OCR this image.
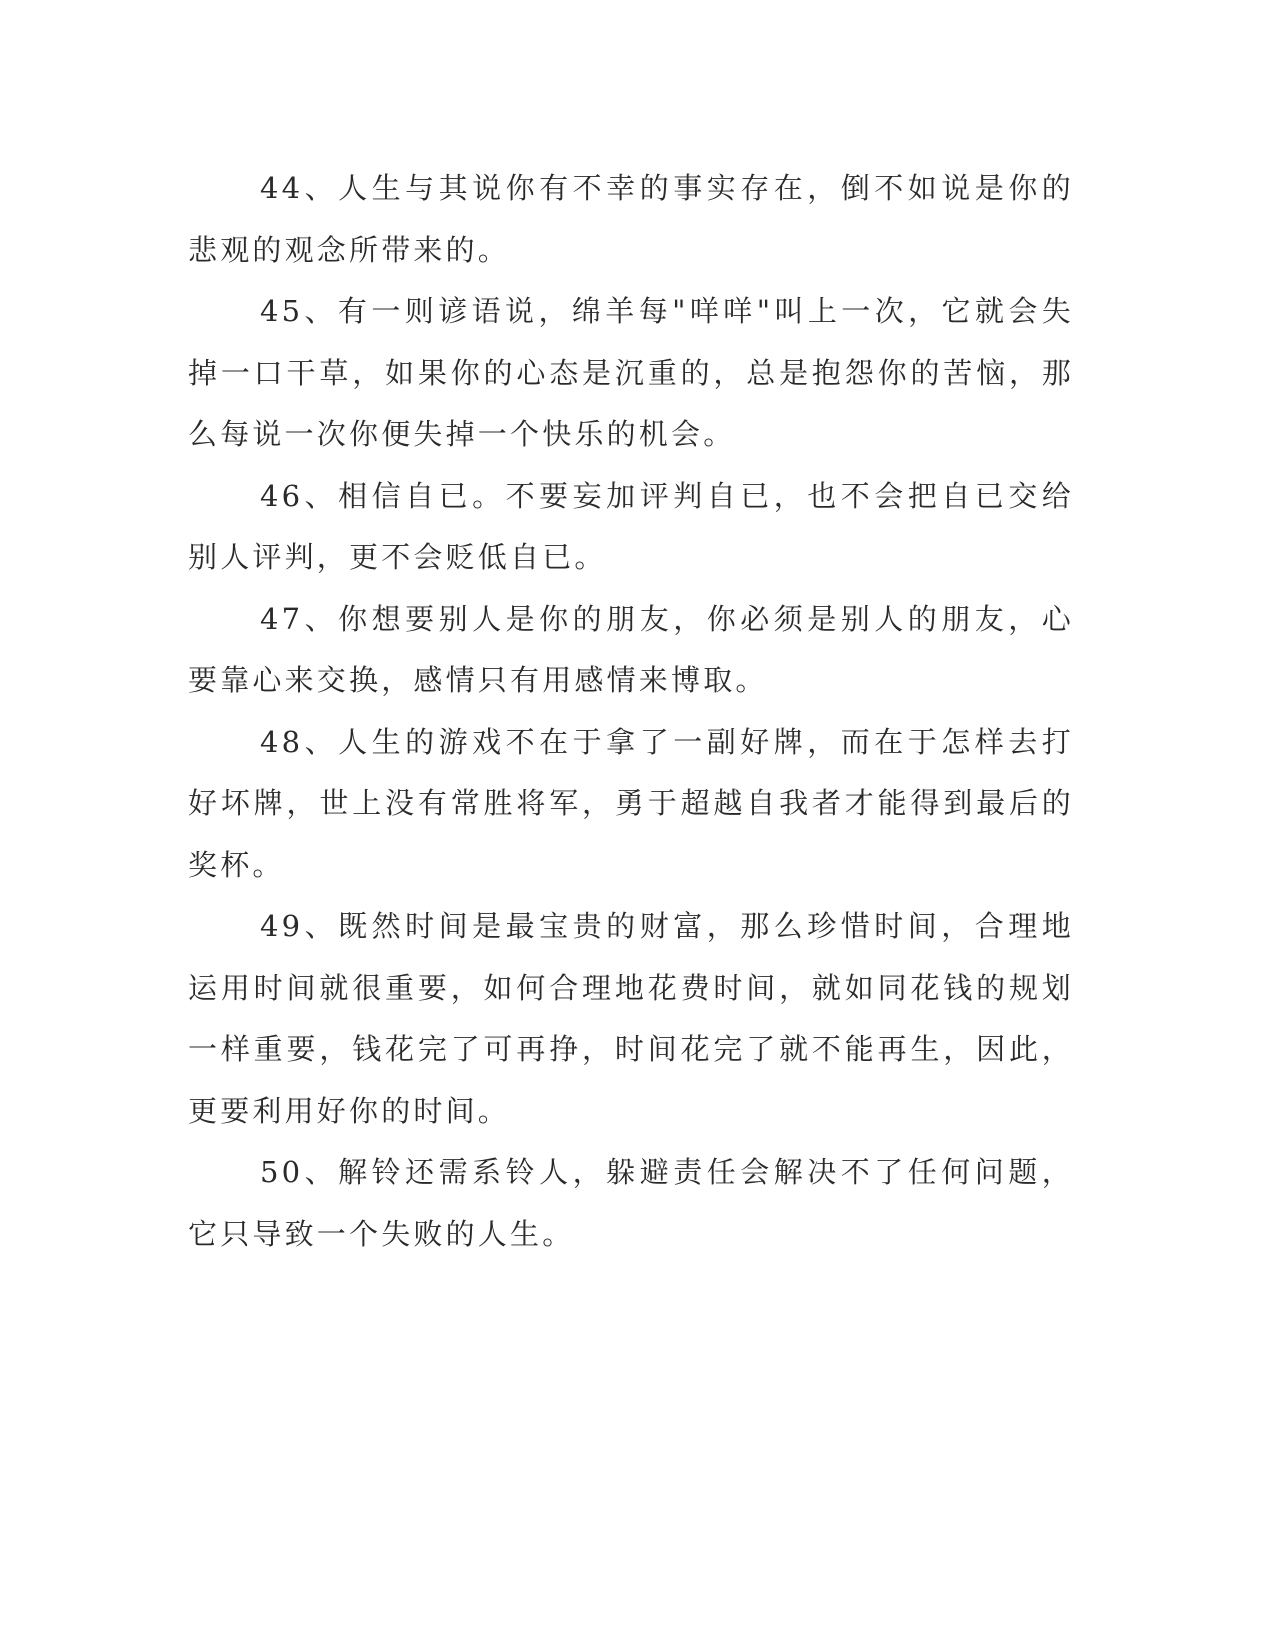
44、人生与其说你有不幸的事实存在，倒不如说是你的悲观的观念所带来的。

45、有一则谚语说，绵羊每"咩咩"叫上一次，它就会失掉一口干草，如果你的心态是沉重的，总是抱怨你的苦恼，那么每说一次你便失掉一个快乐的机会。

46、相信自已。不要妄加评判自已，也不会把自已交给别人评判，更不会贬低自已。

47、你想要别人是你的朋友，你必须是别人的朋友，心要靠心来交换，感情只有用感情来博取。

48、人生的游戏不在于拿了一副好牌，而在于怎样去打好坏牌，世上没有常胜将军，勇于超越自我者才能得到最后的奖杯。

49、既然时间是最宝贵的财富，那么珍惜时间，合理地运用时间就很重要，如何合理地花费时间，就如同花钱的规划一样重要，钱花完了可再挣，时间花完了就不能再生，因此，更要利用好你的时间。

50、解铃还需系铃人，躲避责任会解决不了任何问题，它只导致一个失败的人生。
